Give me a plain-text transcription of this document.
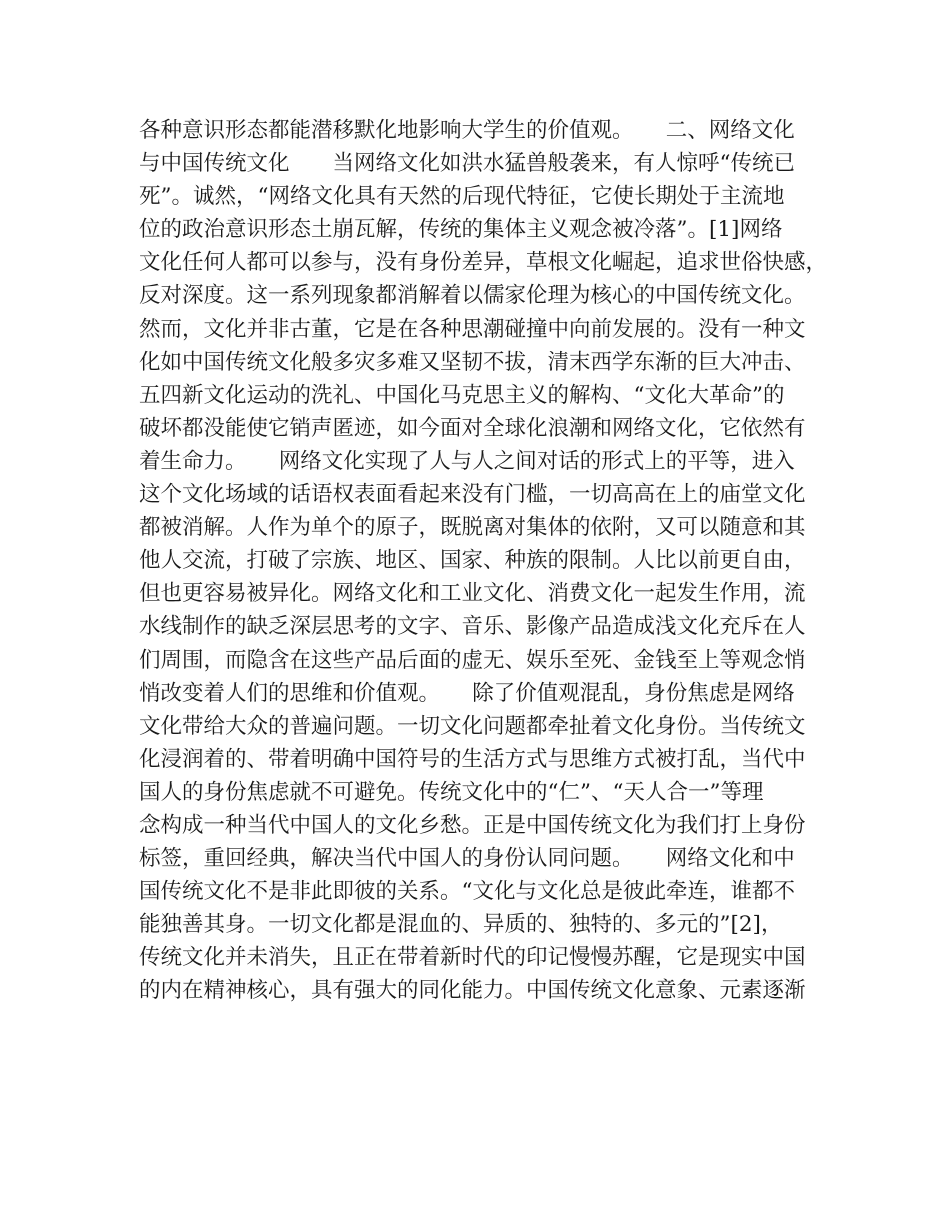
各种意识形态都能潜移默化地影响大学生的价值观。　　二、网络文化
与中国传统文化　　当网络文化如洪水猛兽般袭来，有人惊呼“传统已
死”。诚然，“网络文化具有天然的后现代特征，它使长期处于主流地
位的政治意识形态土崩瓦解，传统的集体主义观念被冷落”。[1]网络
文化任何人都可以参与，没有身份差异，草根文化崛起，追求世俗快感，
反对深度。这一系列现象都消解着以儒家伦理为核心的中国传统文化。
然而，文化并非古董，它是在各种思潮碰撞中向前发展的。没有一种文
化如中国传统文化般多灾多难又坚韧不拔，清末西学东渐的巨大冲击、
五四新文化运动的洗礼、中国化马克思主义的解构、“文化大革命”的
破坏都没能使它销声匿迹，如今面对全球化浪潮和网络文化，它依然有
着生命力。　　网络文化实现了人与人之间对话的形式上的平等，进入
这个文化场域的话语权表面看起来没有门槛，一切高高在上的庙堂文化
都被消解。人作为单个的原子，既脱离对集体的依附，又可以随意和其
他人交流，打破了宗族、地区、国家、种族的限制。人比以前更自由，
但也更容易被异化。网络文化和工业文化、消费文化一起发生作用，流
水线制作的缺乏深层思考的文字、音乐、影像产品造成浅文化充斥在人
们周围，而隐含在这些产品后面的虚无、娱乐至死、金钱至上等观念悄
悄改变着人们的思维和价值观。　　除了价值观混乱，身份焦虑是网络
文化带给大众的普遍问题。一切文化问题都牵扯着文化身份。当传统文
化浸润着的、带着明确中国符号的生活方式与思维方式被打乱，当代中
国人的身份焦虑就不可避免。传统文化中的“仁”、“天人合一”等理
念构成一种当代中国人的文化乡愁。正是中国传统文化为我们打上身份
标签，重回经典，解决当代中国人的身份认同问题。　　网络文化和中
国传统文化不是非此即彼的关系。“文化与文化总是彼此牵连，谁都不
能独善其身。一切文化都是混血的、异质的、独特的、多元的”[2]，
传统文化并未消失，且正在带着新时代的印记慢慢苏醒，它是现实中国
的内在精神核心，具有强大的同化能力。中国传统文化意象、元素逐渐
